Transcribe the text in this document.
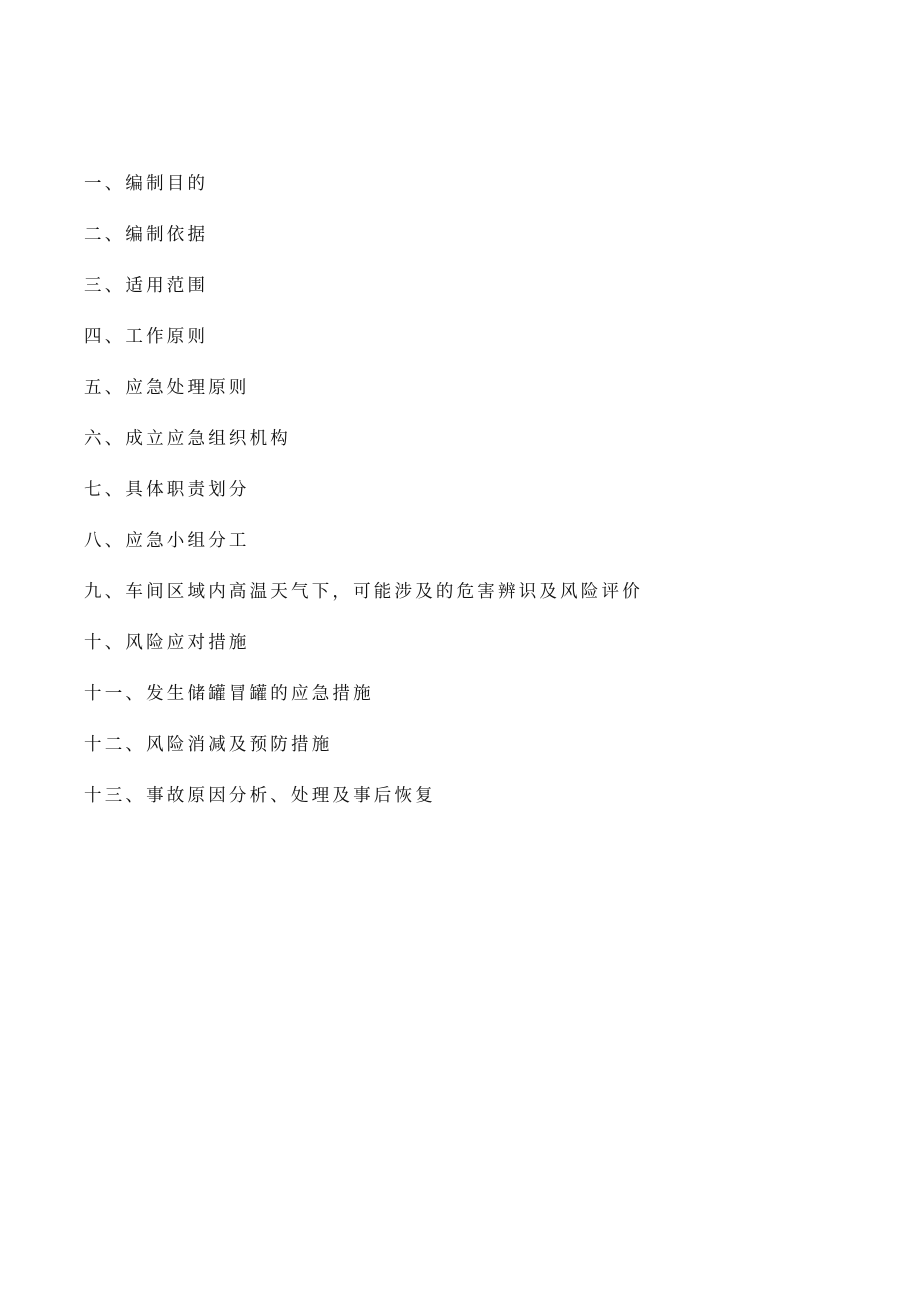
一、编制目的
二、编制依据
三、适用范围
四、工作原则
五、应急处理原则
六、成立应急组织机构
七、具体职责划分
八、应急小组分工
九、车间区域内高温天气下，可能涉及的危害辨识及风险评价
十、风险应对措施
十一、发生储罐冒罐的应急措施
十二、风险消减及预防措施
十三、事故原因分析、处理及事后恢复
